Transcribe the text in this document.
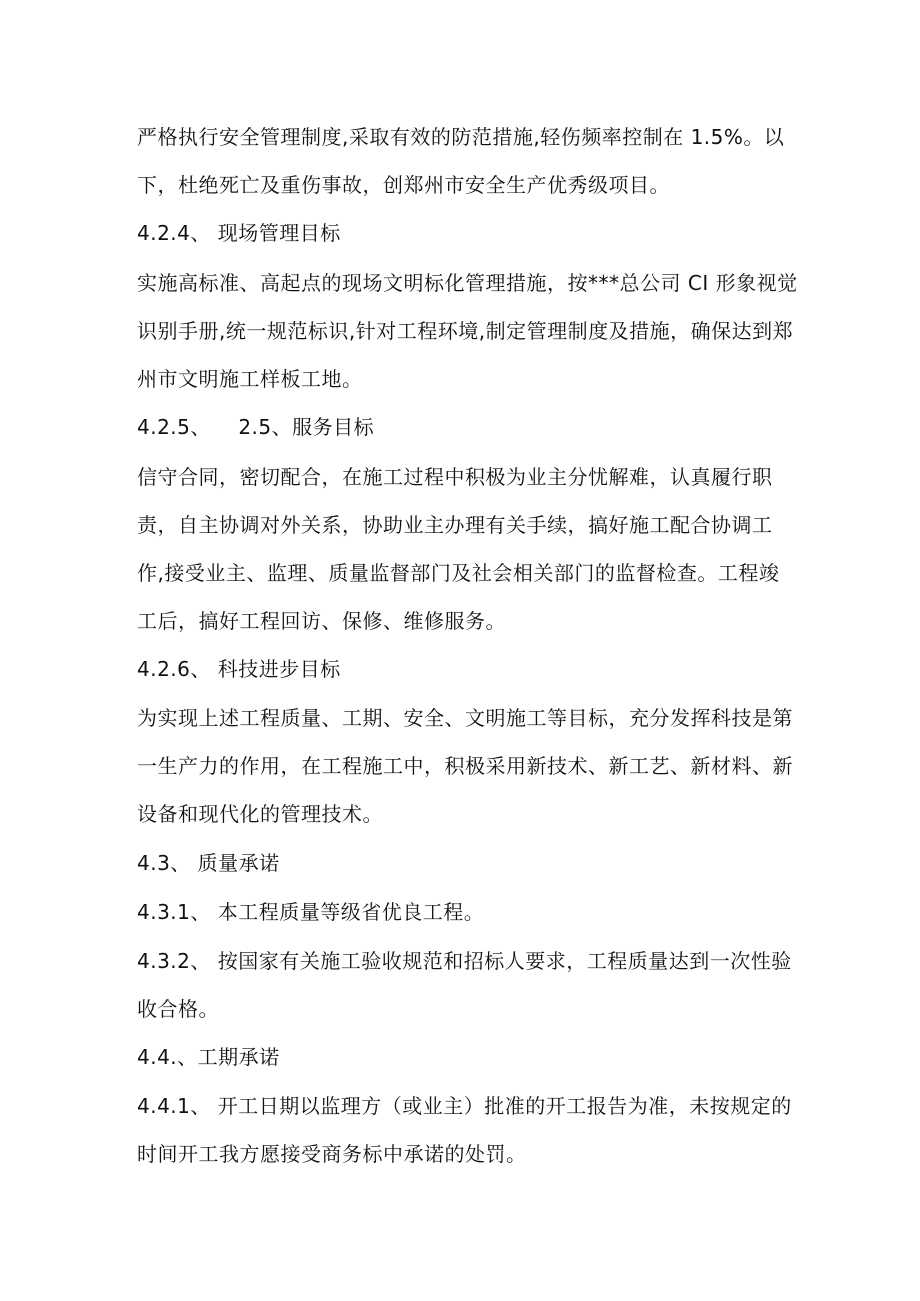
严格执行安全管理制度,采取有效的防范措施,轻伤频率控制在 1.5%。以
下，杜绝死亡及重伤事故，创郑州市安全生产优秀级项目。
4.2.4、 现场管理目标
实施高标准、高起点的现场文明标化管理措施，按***总公司 CI 形象视觉
识别手册,统一规范标识,针对工程环境,制定管理制度及措施，确保达到郑
州市文明施工样板工地。
4.2.5、    2.5、服务目标
信守合同，密切配合，在施工过程中积极为业主分忧解难，认真履行职
责，自主协调对外关系，协助业主办理有关手续，搞好施工配合协调工
作,接受业主、监理、质量监督部门及社会相关部门的监督检查。工程竣
工后，搞好工程回访、保修、维修服务。
4.2.6、 科技进步目标
为实现上述工程质量、工期、安全、文明施工等目标，充分发挥科技是第
一生产力的作用，在工程施工中，积极采用新技术、新工艺、新材料、新
设备和现代化的管理技术。
4.3、 质量承诺
4.3.1、 本工程质量等级省优良工程。
4.3.2、 按国家有关施工验收规范和招标人要求，工程质量达到一次性验
收合格。
4.4.、工期承诺
4.4.1、 开工日期以监理方（或业主）批准的开工报告为准，未按规定的
时间开工我方愿接受商务标中承诺的处罚。
